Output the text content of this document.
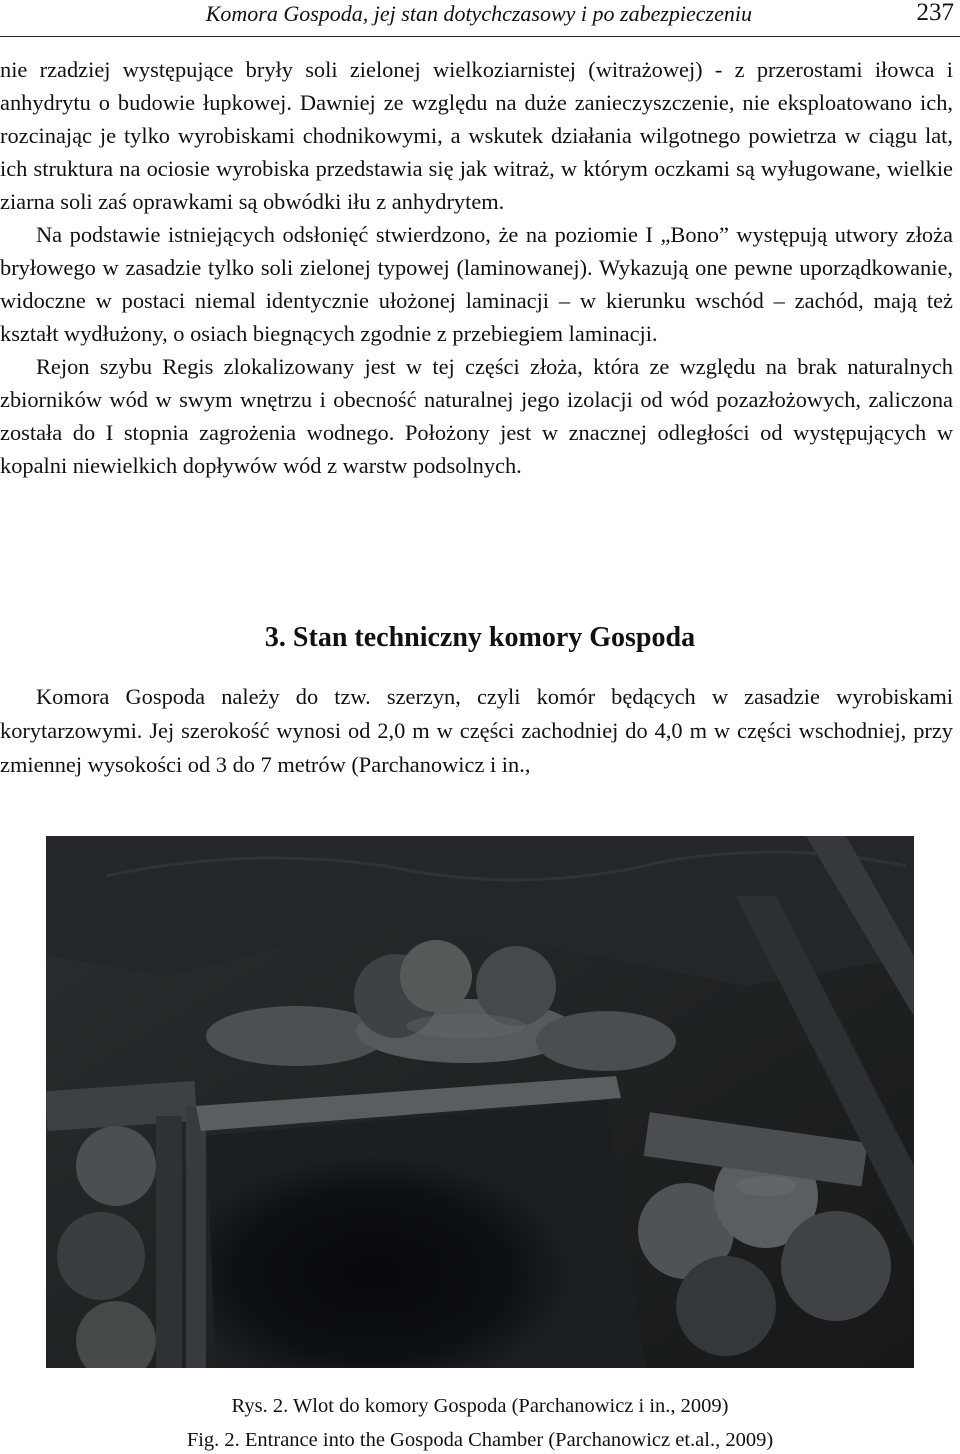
Komora Gospoda, jej stan dotychczasowy i po zabezpieczeniu	237

nie rzadziej występujące bryły soli zielonej wielkoziarnistej (witrażowej) - z przerostami iłowca i anhydrytu o budowie łupkowej. Dawniej ze względu na duże zanieczyszczenie, nie eksploatowano ich, rozcinając je tylko wyrobiskami chodnikowymi, a wskutek działania wilgotnego powietrza w ciągu lat, ich struktura na ociosie wyrobiska przedstawia się jak witraż, w którym oczkami są wyługowane, wielkie ziarna soli zaś oprawkami są obwódki iłu z anhydrytem.

Na podstawie istniejących odsłonięć stwierdzono, że na poziomie I „Bono” występują utwory złoża bryłowego w zasadzie tylko soli zielonej typowej (laminowanej). Wykazują one pewne uporządkowanie, widoczne w postaci niemal identycznie ułożonej laminacji – w kierunku wschód – zachód, mają też kształt wydłużony, o osiach biegnących zgodnie z przebiegiem laminacji.

Rejon szybu Regis zlokalizowany jest w tej części złoża, która ze względu na brak naturalnych zbiorników wód w swym wnętrzu i obecność naturalnej jego izolacji od wód pozazłożowych, zaliczona została do I stopnia zagrożenia wodnego. Położony jest w znacznej odległości od występujących w kopalni niewielkich dopływów wód z warstw podsolnych.

3. Stan techniczny komory Gospoda

Komora Gospoda należy do tzw. szerzyn, czyli komór będących w zasadzie wyrobiskami korytarzowymi. Jej szerokość wynosi od 2,0 m w części zachodniej do 4,0 m w części wschodniej, przy zmiennej wysokości od 3 do 7 metrów (Parchanowicz i in.,

Rys. 2. Wlot do komory Gospoda (Parchanowicz i in., 2009)
Fig. 2. Entrance into the Gospoda Chamber (Parchanowicz et.al., 2009)
